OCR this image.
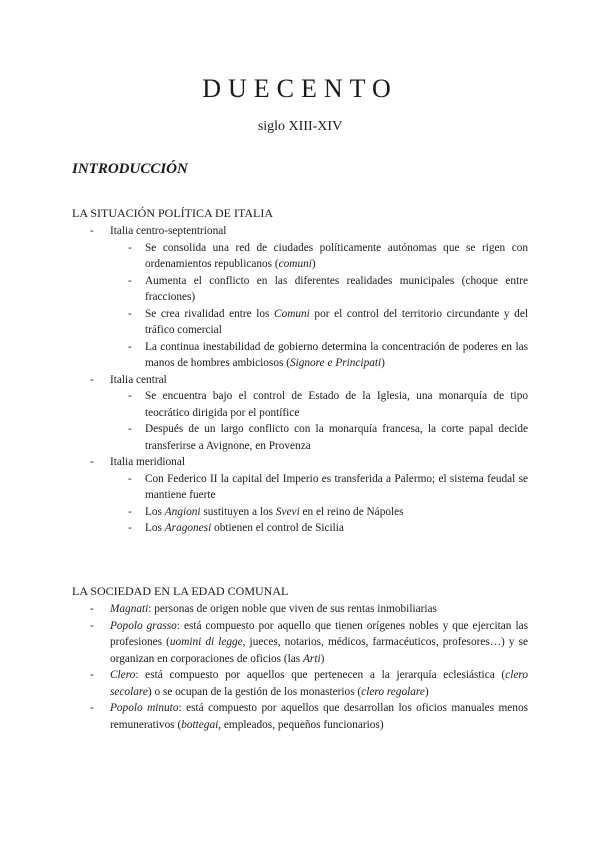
DUECENTO
siglo XIII-XIV
INTRODUCCIÓN
LA SITUACIÓN POLÍTICA DE ITALIA
- Italia centro-septentrional
- Se consolida una red de ciudades políticamente autónomas que se rigen con ordenamientos republicanos (comuni)
- Aumenta el conflicto en las diferentes realidades municipales (choque entre fracciones)
- Se crea rivalidad entre los Comuni por el control del territorio circundante y del tráfico comercial
- La continua inestabilidad de gobierno determina la concentración de poderes en las manos de hombres ambiciosos (Signore e Principati)
- Italia central
- Se encuentra bajo el control de Estado de la Iglesia, una monarquía de tipo teocrático dirigida por el pontífice
- Después de un largo conflicto con la monarquía francesa, la corte papal decide transferirse a Avignone, en Provenza
- Italia meridional
- Con Federico II la capital del Imperio es transferida a Palermo; el sistema feudal se mantiene fuerte
- Los Angioni sustituyen a los Svevi en el reino de Nápoles
- Los Aragonesi obtienen el control de Sicilia
LA SOCIEDAD EN LA EDAD COMUNAL
- Magnati: personas de origen noble que viven de sus rentas inmobiliarias
- Popolo grasso: está compuesto por aquello que tienen orígenes nobles y que ejercitan las profesiones (uomini di legge, jueces, notarios, médicos, farmacéuticos, profesores…) y se organizan en corporaciones de oficios (las Arti)
- Clero: está compuesto por aquellos que pertenecen a la jerarquía eclesiástica (clero secolare) o se ocupan de la gestión de los monasterios (clero regolare)
- Popolo minuto: está compuesto por aquellos que desarrollan los oficios manuales menos remunerativos (bottegai, empleados, pequeños funcionarios)
